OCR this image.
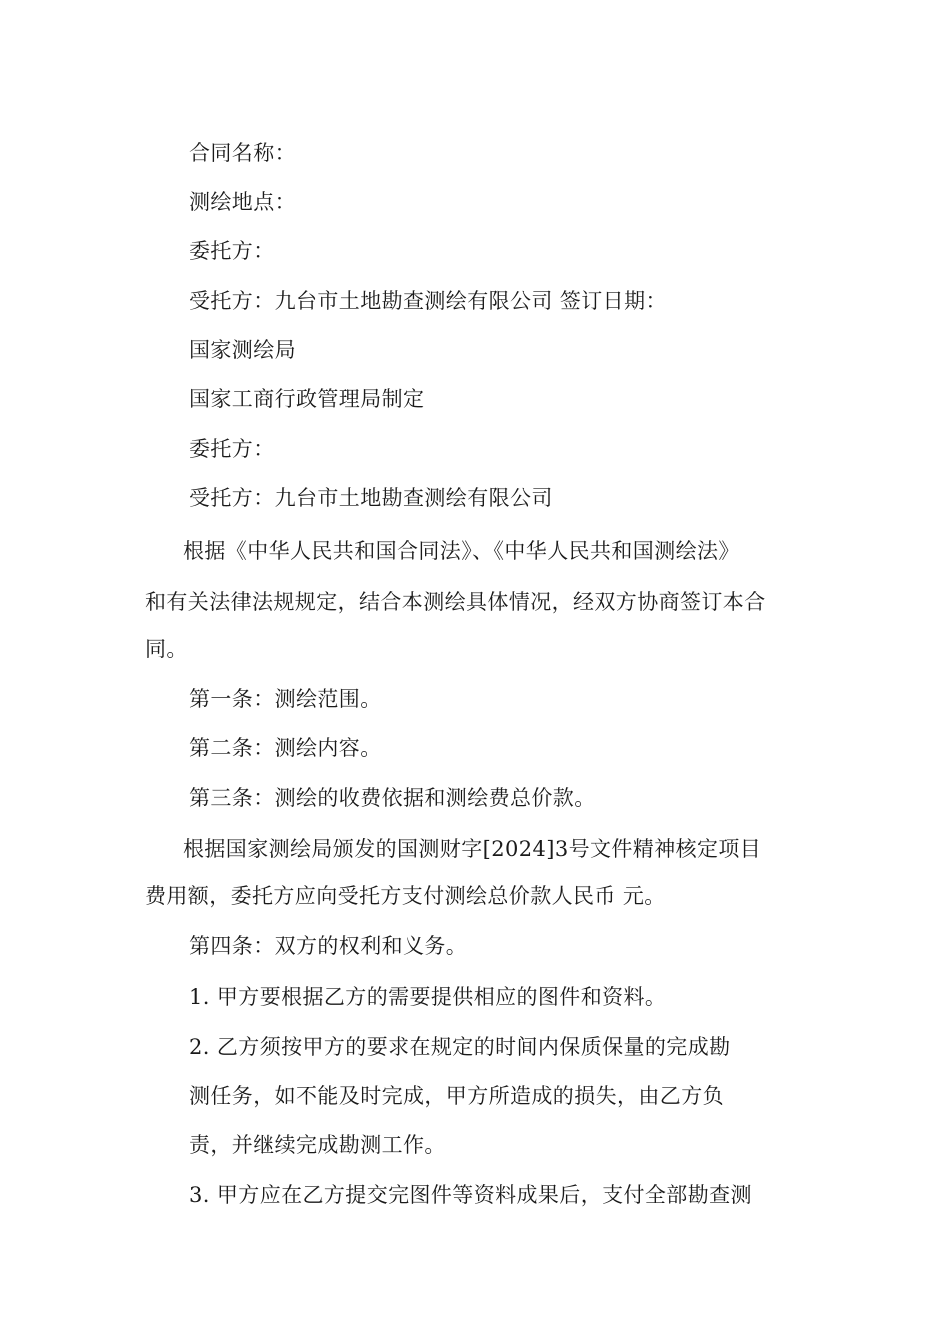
合同名称：

测绘地点：

委托方：

受托方：九台市土地勘查测绘有限公司 签订日期：

国家测绘局

国家工商行政管理局制定

委托方：

受托方：九台市土地勘查测绘有限公司

根据《中华人民共和国合同法》、《中华人民共和国测绘法》

和有关法律法规规定，结合本测绘具体情况，经双方协商签订本合

同。

第一条：测绘范围。

第二条：测绘内容。

第三条：测绘的收费依据和测绘费总价款。

根据国家测绘局颁发的国测财字[2024]3号文件精神核定项目

费用额，委托方应向受托方支付测绘总价款人民币 元。

第四条：双方的权利和义务。

1. 甲方要根据乙方的需要提供相应的图件和资料。

2. 乙方须按甲方的要求在规定的时间内保质保量的完成勘

测任务，如不能及时完成，甲方所造成的损失，由乙方负

责，并继续完成勘测工作。

3. 甲方应在乙方提交完图件等资料成果后，支付全部勘查测
